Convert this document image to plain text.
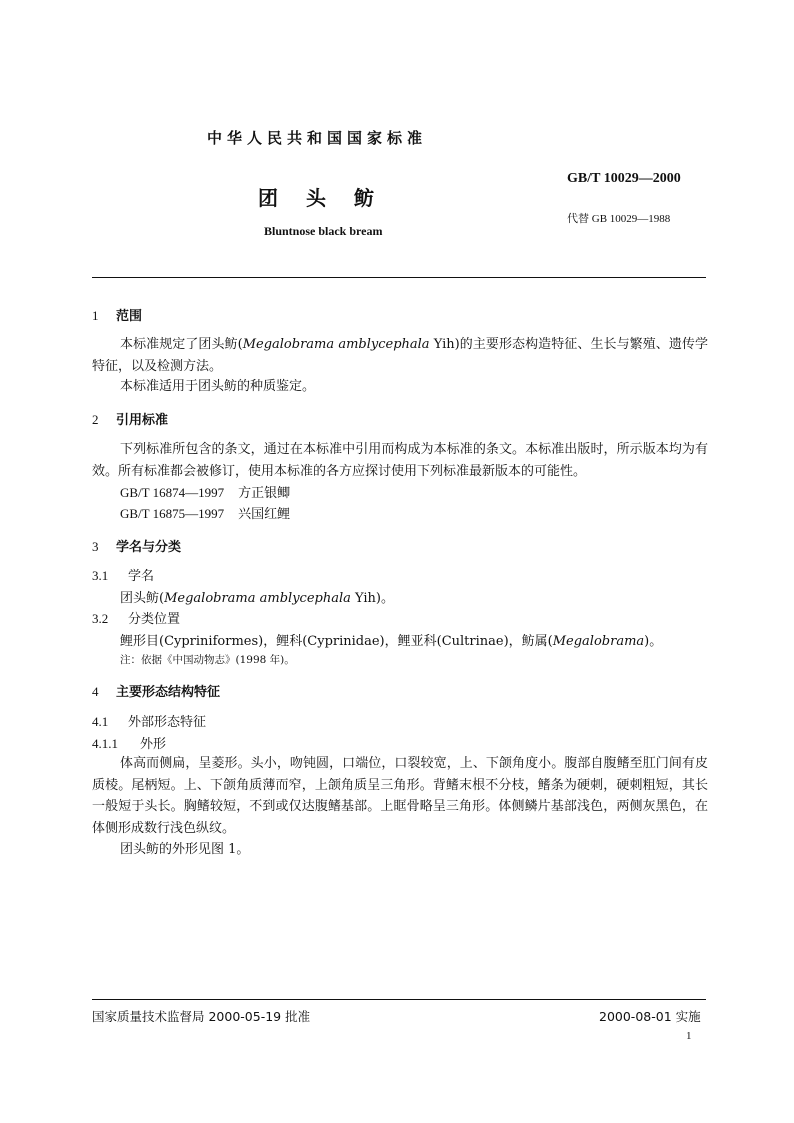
中华人民共和国国家标准

GB/T 10029—2000

团头鲂

代替 GB 10029—1988

Bluntnose black bream

1 范围

本标准规定了团头鲂(Megalobrama amblycephala Yih)的主要形态构造特征、生长与繁殖、遗传学特征，以及检测方法。

本标准适用于团头鲂的种质鉴定。

2 引用标准

下列标准所包含的条文，通过在本标准中引用而构成为本标准的条文。本标准出版时，所示版本均为有效。所有标准都会被修订，使用本标准的各方应探讨使用下列标准最新版本的可能性。

GB/T 16874—1997 方正银鲫

GB/T 16875—1997 兴国红鲤

3 学名与分类

3.1 学名

团头鲂(Megalobrama amblycephala Yih)。

3.2 分类位置

鲤形目(Cypriniformes)，鲤科(Cyprinidae)，鲤亚科(Cultrinae)，鲂属(Megalobrama)。

注：依据《中国动物志》(1998 年)。

4 主要形态结构特征

4.1 外部形态特征

4.1.1 外形

体高而侧扁，呈菱形。头小，吻钝圆，口端位，口裂较宽，上、下颌角度小。腹部自腹鳍至肛门间有皮质棱。尾柄短。上、下颌角质薄而窄，上颌角质呈三角形。背鳍末根不分枝，鳍条为硬刺，硬刺粗短，其长一般短于头长。胸鳍较短，不到或仅达腹鳍基部。上眶骨略呈三角形。体侧鳞片基部浅色，两侧灰黑色，在体侧形成数行浅色纵纹。

团头鲂的外形见图 1。

国家质量技术监督局 2000-05-19 批准	2000-08-01 实施

1
